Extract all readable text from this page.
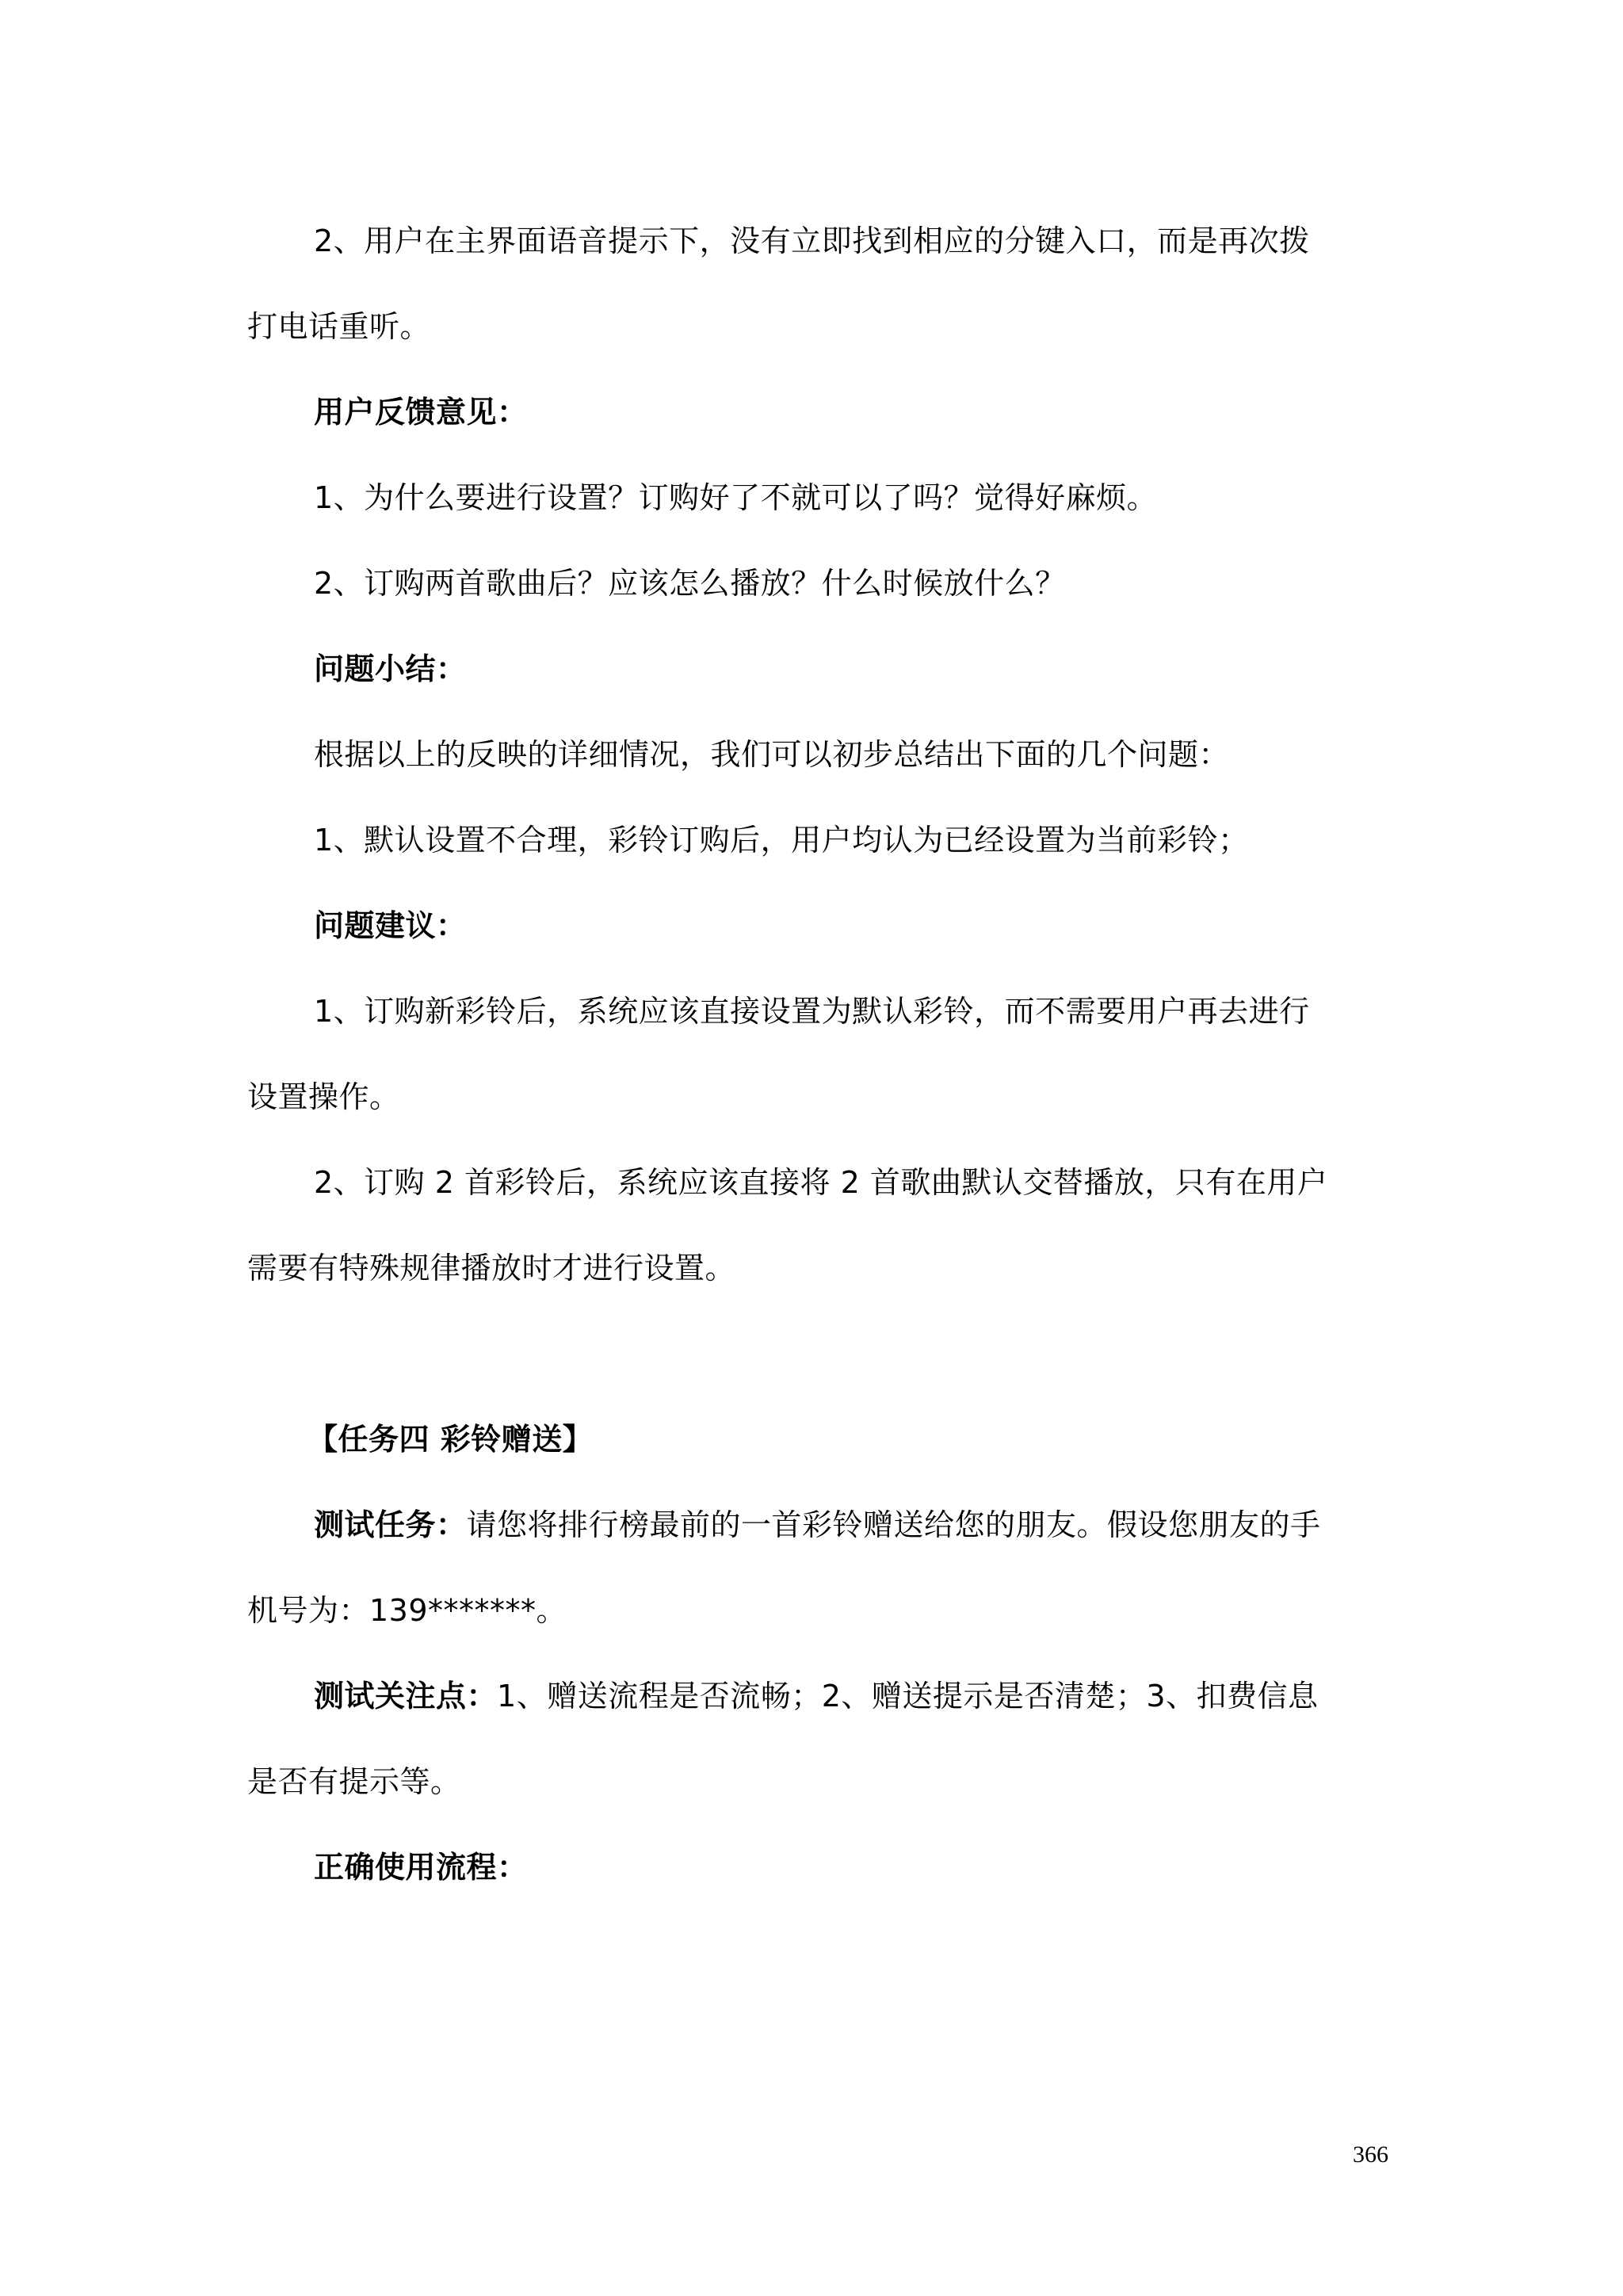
2、用户在主界面语音提示下，没有立即找到相应的分键入口，而是再次拨
打电话重听。
用户反馈意见：
1、为什么要进行设置？订购好了不就可以了吗？觉得好麻烦。
2、订购两首歌曲后？应该怎么播放？什么时候放什么？
问题小结：
根据以上的反映的详细情况，我们可以初步总结出下面的几个问题：
1、默认设置不合理，彩铃订购后，用户均认为已经设置为当前彩铃；
问题建议：
1、订购新彩铃后，系统应该直接设置为默认彩铃，而不需要用户再去进行
设置操作。
2、订购 2 首彩铃后，系统应该直接将 2 首歌曲默认交替播放，只有在用户
需要有特殊规律播放时才进行设置。
【任务四 彩铃赠送】
测试任务：请您将排行榜最前的一首彩铃赠送给您的朋友。假设您朋友的手
机号为：139*******。
测试关注点：1、赠送流程是否流畅；2、赠送提示是否清楚；3、扣费信息
是否有提示等。
正确使用流程：
366
